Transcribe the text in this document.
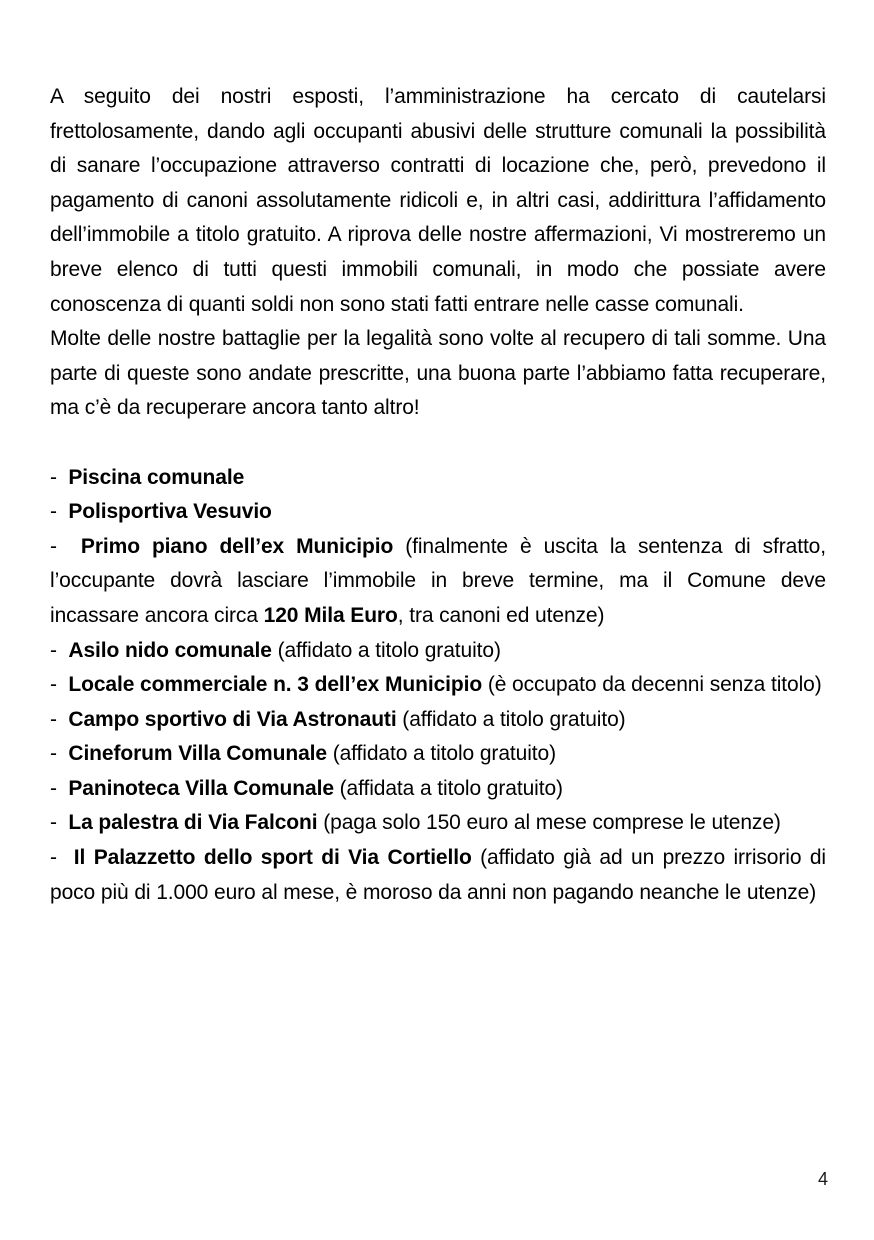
A seguito dei nostri esposti, l’amministrazione ha cercato di cautelarsi frettolosamente, dando agli occupanti abusivi delle strutture comunali la possibilità di sanare l’occupazione attraverso contratti di locazione che, però, prevedono il pagamento di canoni assolutamente ridicoli e, in altri casi, addirittura l’affidamento  dell’immobile a titolo gratuito. A riprova delle nostre affermazioni, Vi mostreremo un breve elenco di tutti questi immobili comunali, in modo che possiate avere conoscenza di quanti soldi non sono stati fatti entrare nelle casse comunali.

Molte delle nostre battaglie per la legalità sono volte al recupero di tali somme. Una parte di queste sono andate prescritte, una buona parte l’abbiamo fatta recuperare, ma c’è da recuperare ancora tanto altro!

-  Piscina comunale
-  Polisportiva Vesuvio
-  Primo piano dell’ex Municipio (finalmente è uscita la sentenza di sfratto, l’occupante dovrà lasciare l’immobile in breve termine, ma il Comune deve incassare ancora circa 120 Mila Euro, tra canoni ed utenze)
-  Asilo nido comunale (affidato a titolo gratuito)
-  Locale commerciale n. 3 dell’ex Municipio (è occupato da decenni senza titolo)
-  Campo sportivo di Via Astronauti (affidato a titolo gratuito)
-  Cineforum Villa Comunale (affidato a titolo gratuito)
-  Paninoteca Villa Comunale (affidata a titolo gratuito)
-  La palestra di Via Falconi (paga solo 150 euro al mese comprese le utenze)
-  Il Palazzetto dello sport di Via Cortiello (affidato già ad un prezzo irrisorio di poco più di 1.000 euro al mese, è moroso da anni non pagando neanche le utenze)
4
